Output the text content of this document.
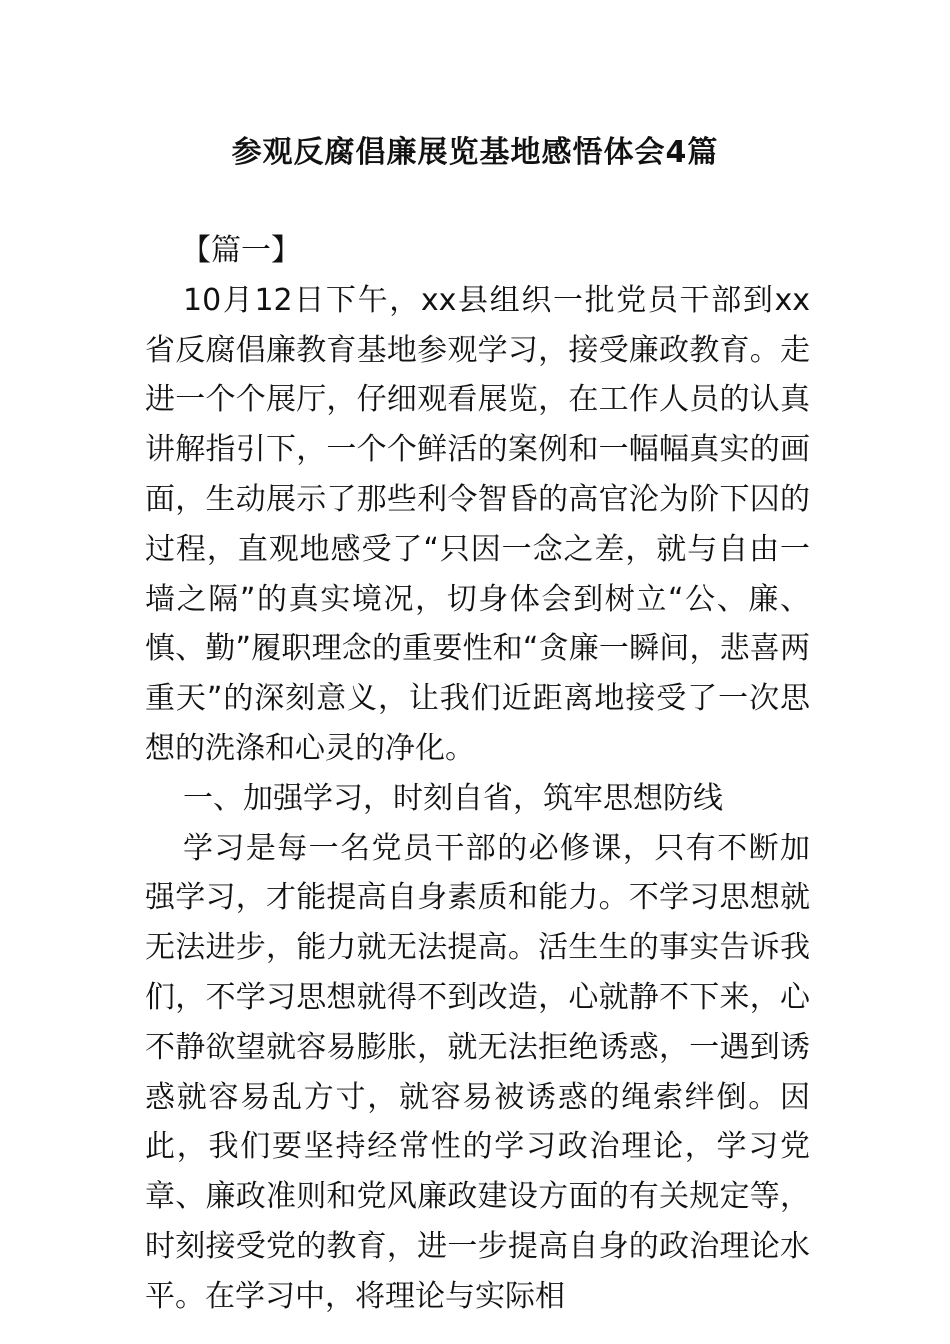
参观反腐倡廉展览基地感悟体会4篇

【篇一】

10月12日下午，xx县组织一批党员干部到xx省反腐倡廉教育基地参观学习，接受廉政教育。走进一个个展厅，仔细观看展览，在工作人员的认真讲解指引下，一个个鲜活的案例和一幅幅真实的画面，生动展示了那些利令智昏的高官沦为阶下囚的过程，直观地感受了“只因一念之差，就与自由一墙之隔”的真实境况，切身体会到树立“公、廉、慎、勤”履职理念的重要性和“贪廉一瞬间，悲喜两重天”的深刻意义，让我们近距离地接受了一次思想的洗涤和心灵的净化。

一、加强学习，时刻自省，筑牢思想防线

学习是每一名党员干部的必修课，只有不断加强学习，才能提高自身素质和能力。不学习思想就无法进步，能力就无法提高。活生生的事实告诉我们，不学习思想就得不到改造，心就静不下来，心不静欲望就容易膨胀，就无法拒绝诱惑，一遇到诱惑就容易乱方寸，就容易被诱惑的绳索绊倒。因此，我们要坚持经常性的学习政治理论，学习党章、廉政准则和党风廉政建设方面的有关规定等，时刻接受党的教育，进一步提高自身的政治理论水平。在学习中，将理论与实际相
